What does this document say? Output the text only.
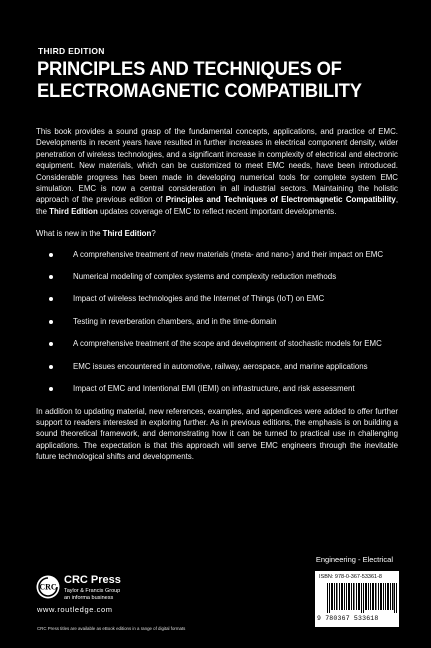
THIRD EDITION
PRINCIPLES AND TECHNIQUES OF
ELECTROMAGNETIC COMPATIBILITY

This book provides a sound grasp of the fundamental concepts, applications, and practice of EMC. Developments in recent years have resulted in further increases in electrical component density, wider penetration of wireless technologies, and a significant increase in complexity of electrical and electronic equipment. New materials, which can be customized to meet EMC needs, have been introduced. Considerable progress has been made in developing numerical tools for complete system EMC simulation. EMC is now a central consideration in all industrial sectors. Maintaining the holistic approach of the previous edition of Principles and Techniques of Electromagnetic Compatibility, the Third Edition updates coverage of EMC to reflect recent important developments.

What is new in the Third Edition?

A comprehensive treatment of new materials (meta- and nano-) and their impact on EMC
Numerical modeling of complex systems and complexity reduction methods
Impact of wireless technologies and the Internet of Things (IoT) on EMC
Testing in reverberation chambers, and in the time-domain
A comprehensive treatment of the scope and development of stochastic models for EMC
EMC issues encountered in automotive, railway, aerospace, and marine applications
Impact of EMC and Intentional EMI (IEMI) on infrastructure, and risk assessment

In addition to updating material, new references, examples, and appendices were added to offer further support to readers interested in exploring further. As in previous editions, the emphasis is on building a sound theoretical framework, and demonstrating how it can be turned to practical use in challenging applications. The expectation is that this approach will serve EMC engineers through the inevitable future technological shifts and developments.

Engineering - Electrical
CRC
CRC Press
Taylor & Francis Group
an informa business
www.routledge.com
ISBN: 978-0-367-53361-8
9 780367 533618
CRC Press titles are available as eBook editions in a range of digital formats
